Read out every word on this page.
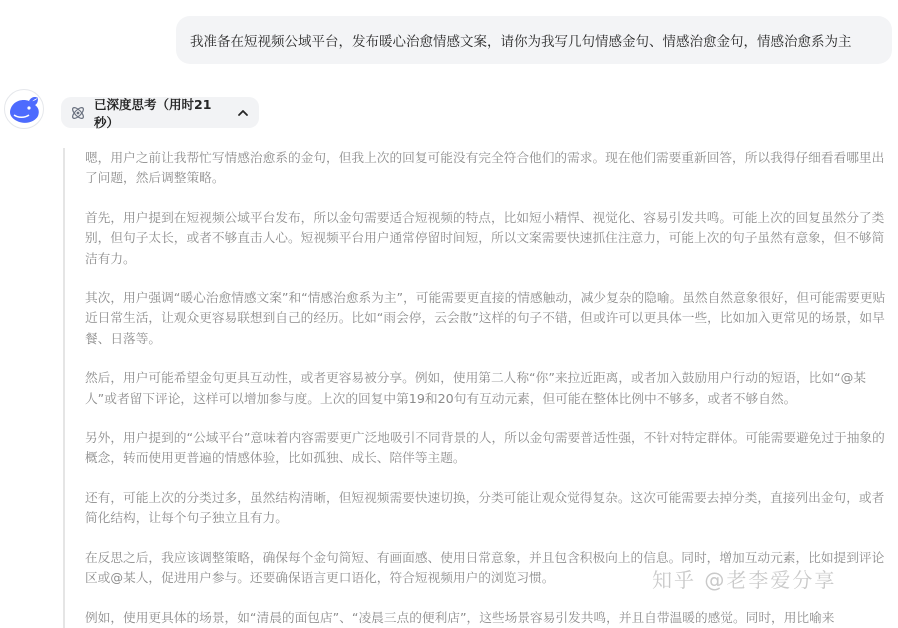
我准备在短视频公域平台，发布暖心治愈情感文案，请你为我写几句情感金句、情感治愈金句，情感治愈系为主
已深度思考（用时21秒）

嗯，用户之前让我帮忙写情感治愈系的金句，但我上次的回复可能没有完全符合他们的需求。现在他们需要重新回答，所以我得仔细看看哪里出了问题，然后调整策略。

首先，用户提到在短视频公域平台发布，所以金句需要适合短视频的特点，比如短小精悍、视觉化、容易引发共鸣。可能上次的回复虽然分了类别，但句子太长，或者不够直击人心。短视频平台用户通常停留时间短，所以文案需要快速抓住注意力，可能上次的句子虽然有意象，但不够简洁有力。

其次，用户强调“暖心治愈情感文案”和“情感治愈系为主”，可能需要更直接的情感触动，减少复杂的隐喻。虽然自然意象很好，但可能需要更贴近日常生活，让观众更容易联想到自己的经历。比如“雨会停，云会散”这样的句子不错，但或许可以更具体一些，比如加入更常见的场景，如早餐、日落等。

然后，用户可能希望金句更具互动性，或者更容易被分享。例如，使用第二人称“你”来拉近距离，或者加入鼓励用户行动的短语，比如“@某人”或者留下评论，这样可以增加参与度。上次的回复中第19和20句有互动元素，但可能在整体比例中不够多，或者不够自然。

另外，用户提到的“公域平台”意味着内容需要更广泛地吸引不同背景的人，所以金句需要普适性强，不针对特定群体。可能需要避免过于抽象的概念，转而使用更普遍的情感体验，比如孤独、成长、陪伴等主题。

还有，可能上次的分类过多，虽然结构清晰，但短视频需要快速切换，分类可能让观众觉得复杂。这次可能需要去掉分类，直接列出金句，或者简化结构，让每个句子独立且有力。

在反思之后，我应该调整策略，确保每个金句简短、有画面感、使用日常意象，并且包含积极向上的信息。同时，增加互动元素，比如提到评论区或@某人，促进用户参与。还要确保语言更口语化，符合短视频用户的浏览习惯。

例如，使用更具体的场景，如“清晨的面包店”、“凌晨三点的便利店”，这些场景容易引发共鸣，并且自带温暖的感觉。同时，用比喻来

知乎 @老李爱分享
